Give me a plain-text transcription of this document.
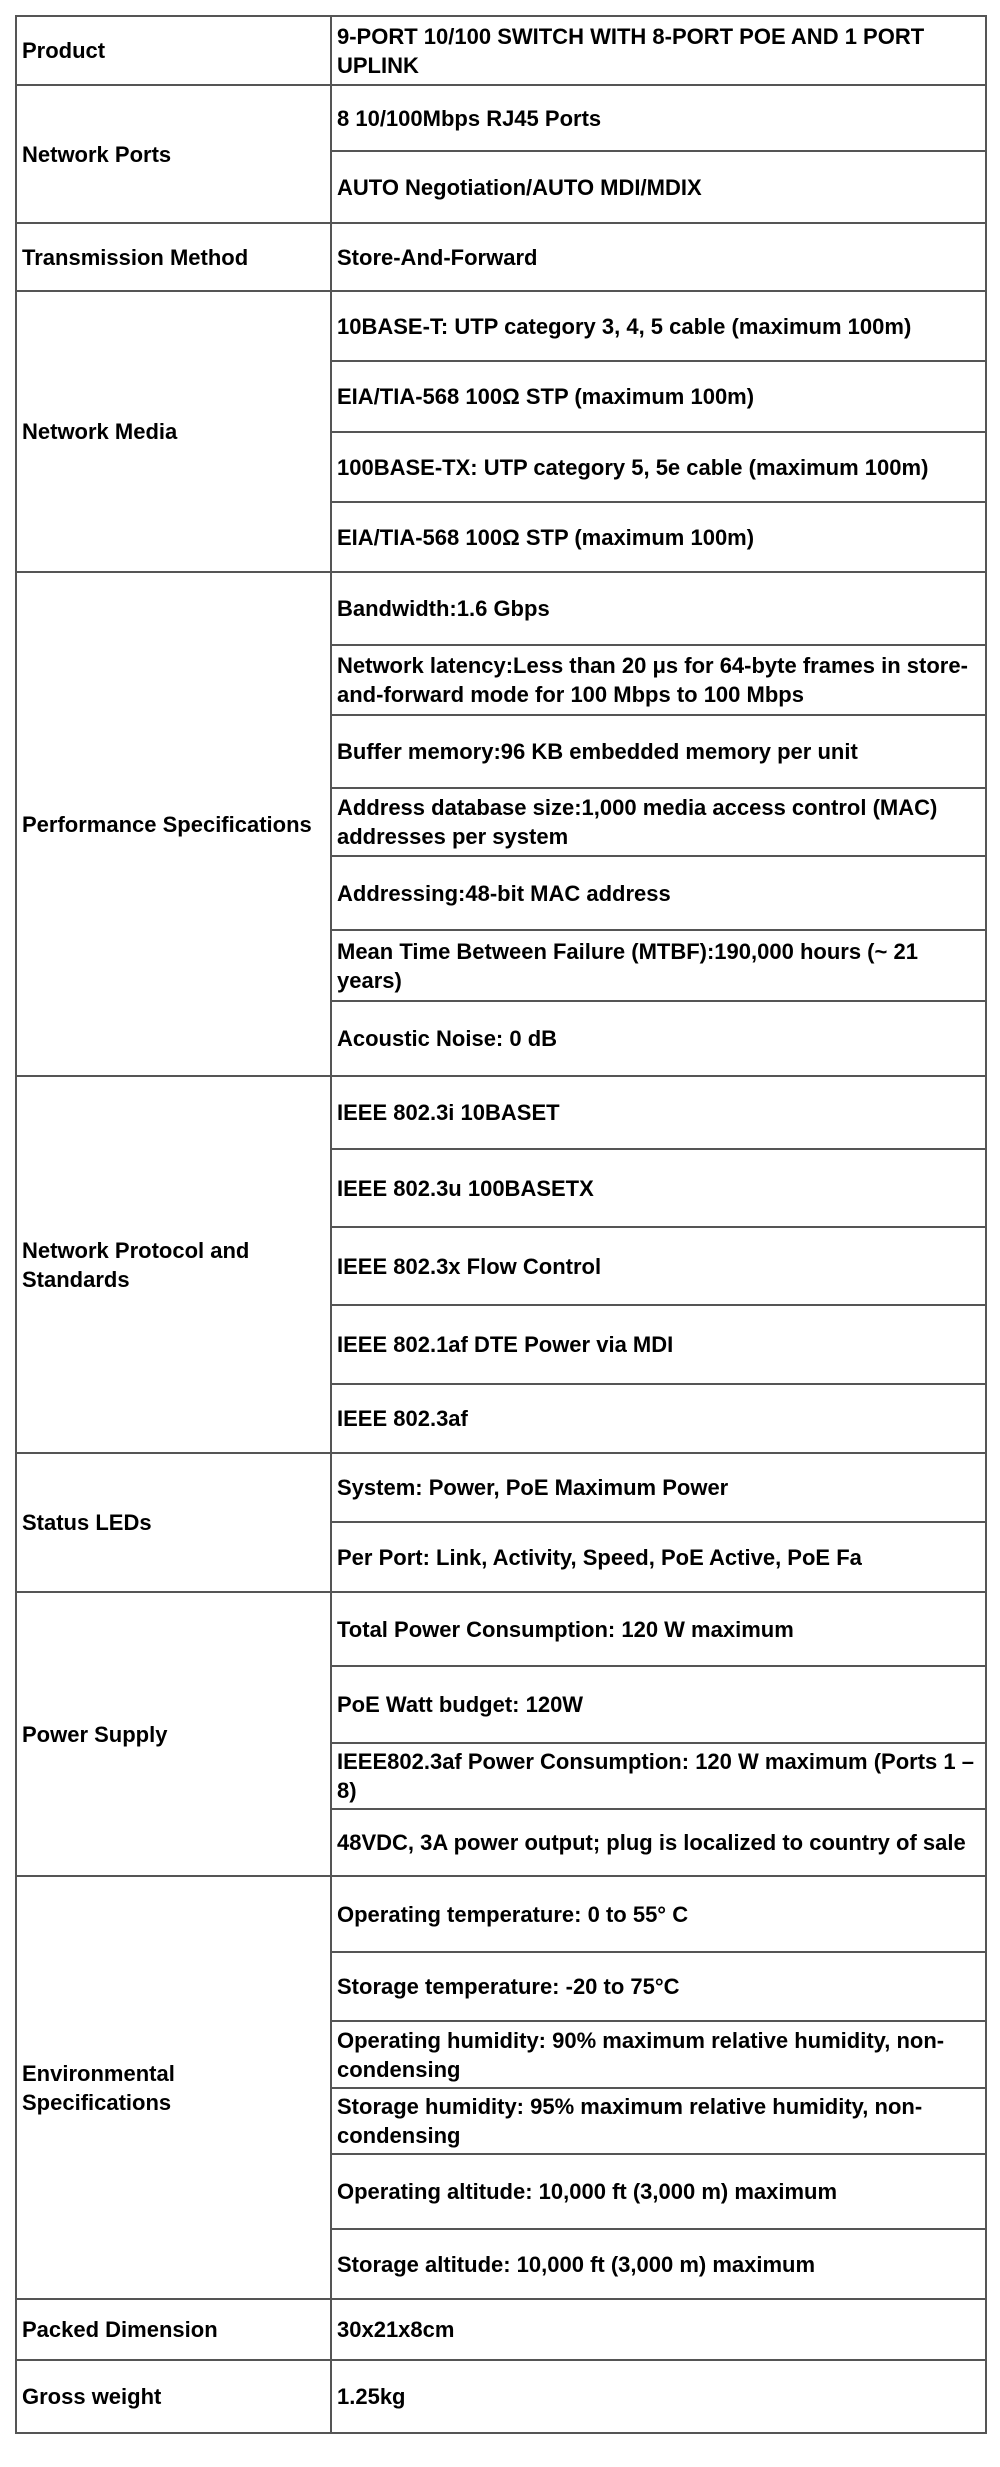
Product	9-PORT 10/100 SWITCH WITH 8-PORT POE AND 1 PORT UPLINK
Network Ports	8 10/100Mbps RJ45 Ports
	AUTO Negotiation/AUTO MDI/MDIX
Transmission Method	Store-And-Forward
Network Media	10BASE-T: UTP category 3, 4, 5 cable (maximum 100m)
	EIA/TIA-568 100Ω STP (maximum 100m)
	100BASE-TX: UTP category 5, 5e cable (maximum 100m)
	EIA/TIA-568 100Ω STP (maximum 100m)
Performance Specifications	Bandwidth:1.6 Gbps
	Network latency:Less than 20 μs for 64-byte frames in store-and-forward mode for 100 Mbps to 100 Mbps
	Buffer memory:96 KB embedded memory per unit
	Address database size:1,000 media access control (MAC) addresses per system
	Addressing:48-bit MAC address
	Mean Time Between Failure (MTBF):190,000 hours (~ 21 years)
	Acoustic Noise: 0 dB
Network Protocol and Standards	IEEE 802.3i 10BASET
	IEEE 802.3u 100BASETX
	IEEE 802.3x Flow Control
	IEEE 802.1af DTE Power via MDI
	IEEE 802.3af
Status LEDs	System: Power, PoE Maximum Power
	Per Port: Link, Activity, Speed, PoE Active, PoE Fa
Power Supply	Total Power Consumption: 120 W maximum
	PoE Watt budget: 120W
	IEEE802.3af Power Consumption: 120 W maximum (Ports 1 – 8)
	48VDC, 3A power output; plug is localized to country of sale
Environmental Specifications	Operating temperature: 0 to 55° C
	Storage temperature: -20 to 75°C
	Operating humidity: 90% maximum relative humidity, non-condensing
	Storage humidity: 95% maximum relative humidity, non-condensing
	Operating altitude: 10,000 ft (3,000 m) maximum
	Storage altitude: 10,000 ft (3,000 m) maximum
Packed Dimension	30x21x8cm
Gross weight	1.25kg
